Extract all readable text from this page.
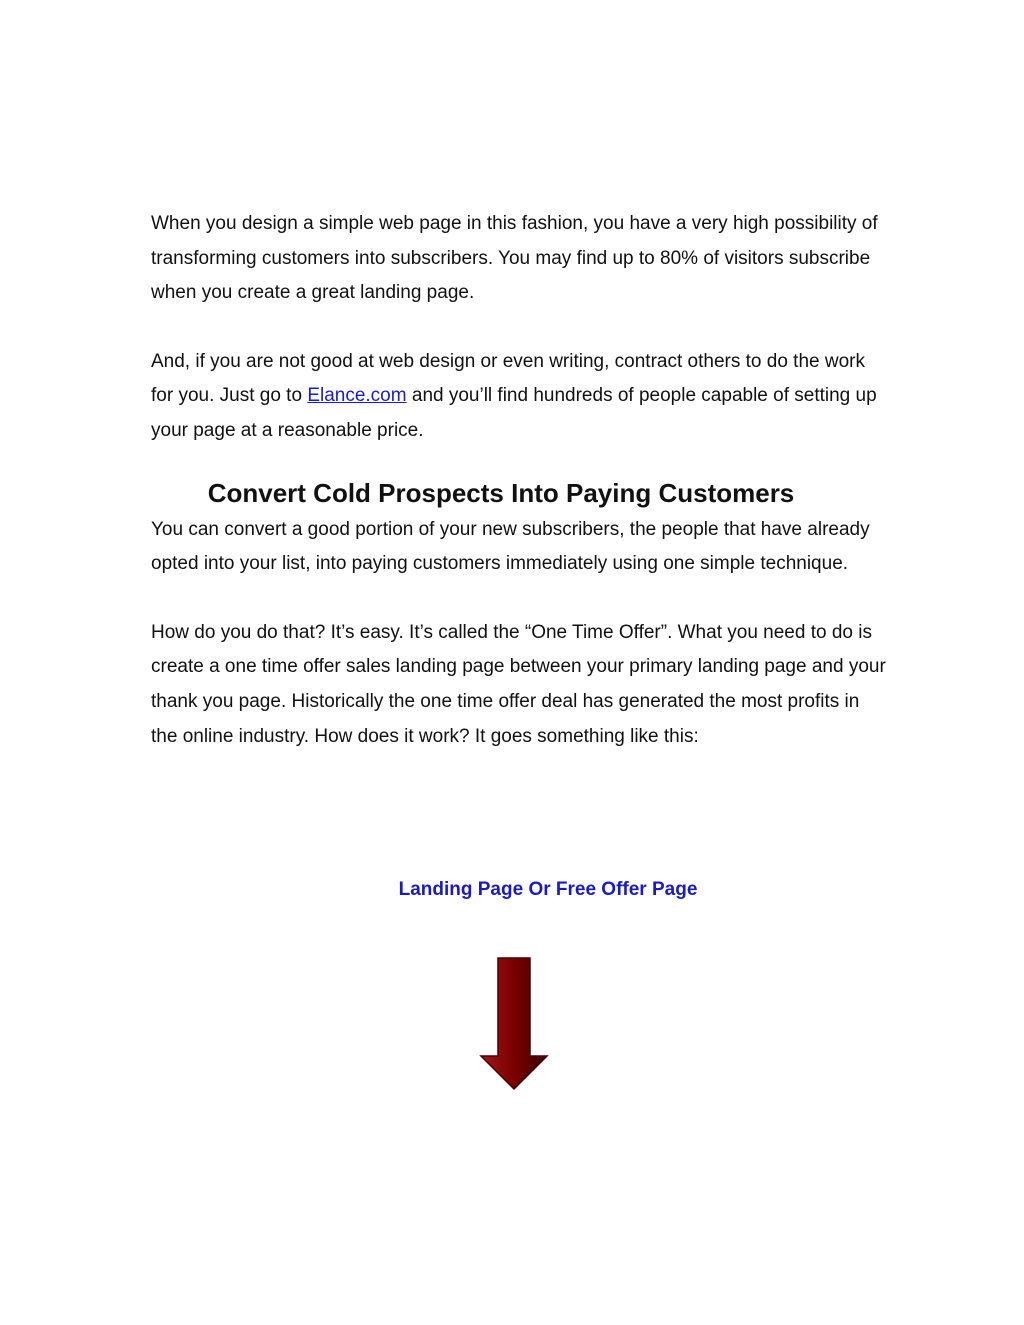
When you design a simple web page in this fashion, you have a very high possibility of transforming customers into subscribers. You may find up to 80% of visitors subscribe when you create a great landing page.

And, if you are not good at web design or even writing, contract others to do the work for you. Just go to Elance.com and you’ll find hundreds of people capable of setting up your page at a reasonable price.

Convert Cold Prospects Into Paying Customers

You can convert a good portion of your new subscribers, the people that have already opted into your list, into paying customers immediately using one simple technique.

How do you do that? It’s easy. It’s called the “One Time Offer”. What you need to do is create a one time offer sales landing page between your primary landing page and your thank you page. Historically the one time offer deal has generated the most profits in the online industry. How does it work? It goes something like this:

Landing Page Or Free Offer Page
